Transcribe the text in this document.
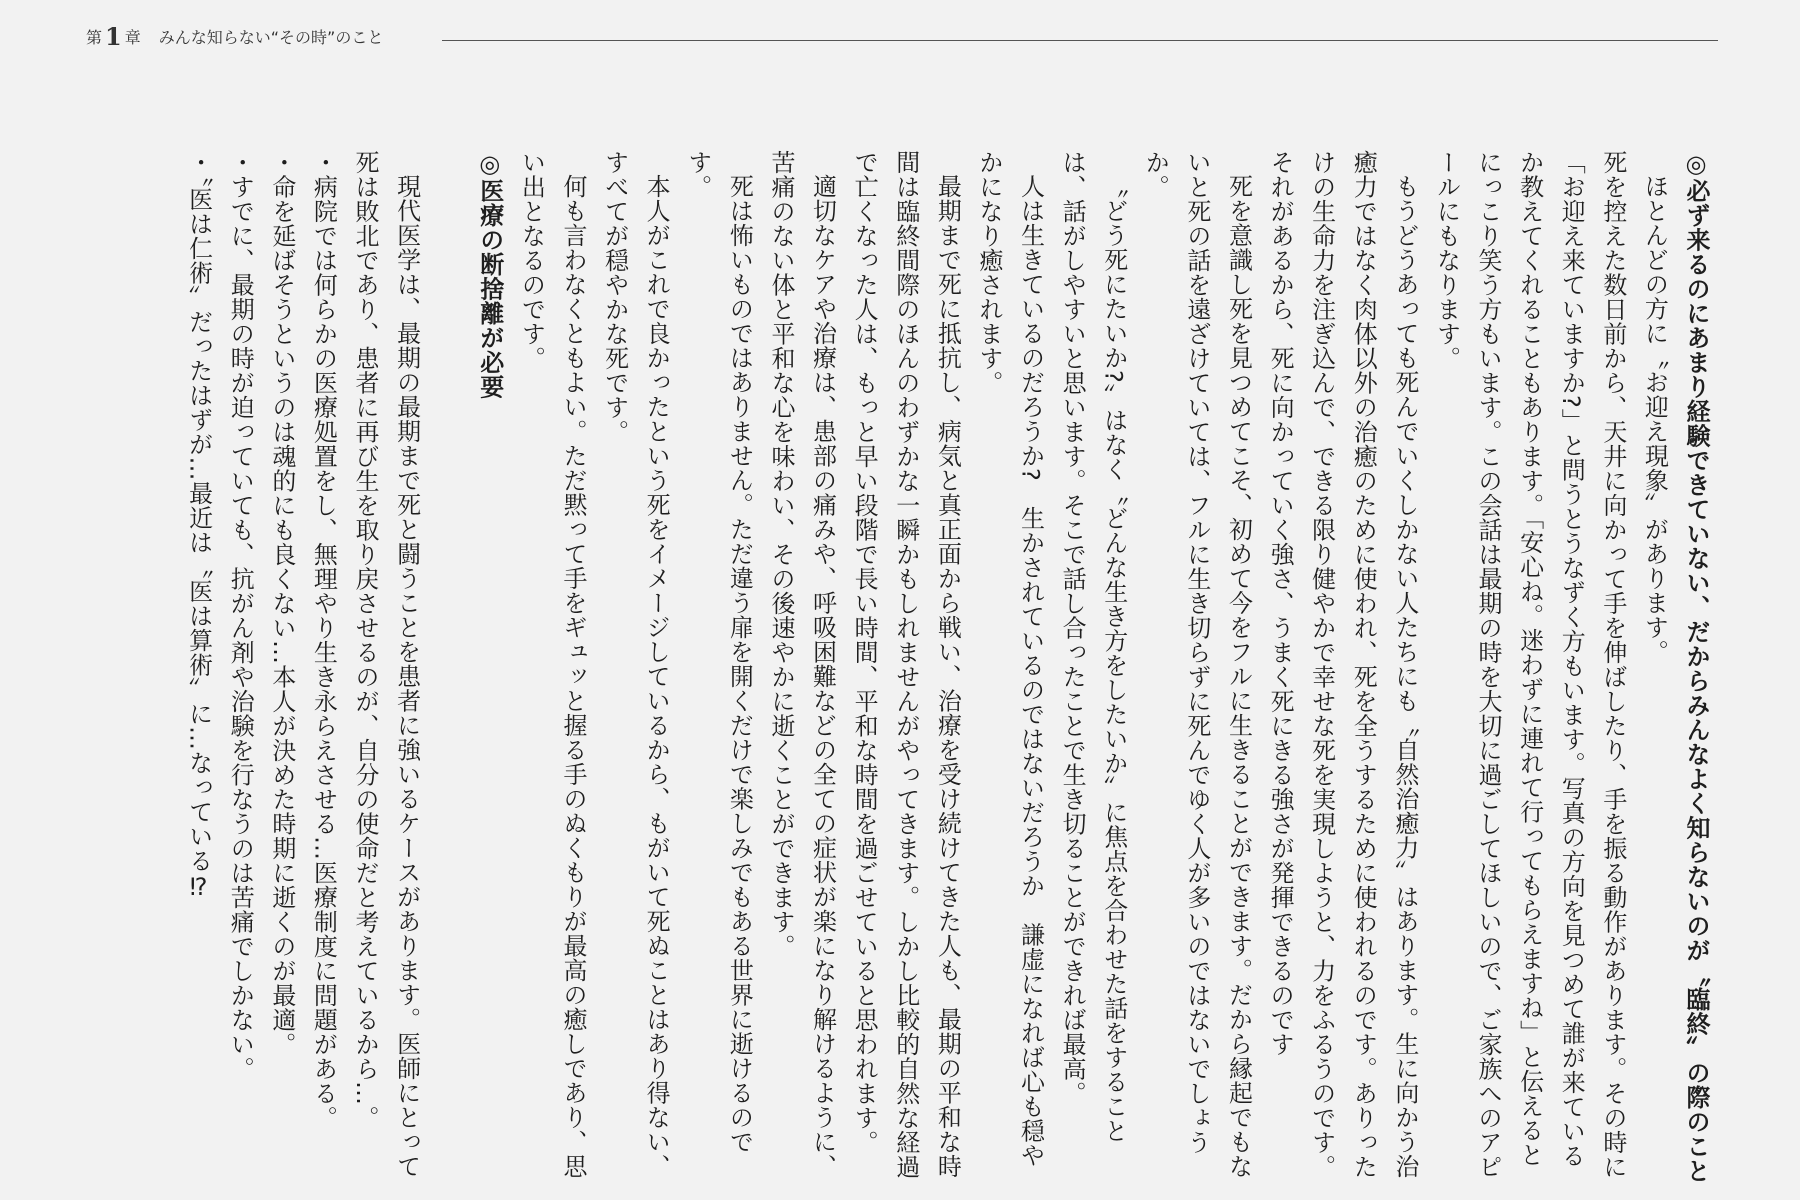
第 1 章 みんな知らない“その時”のこと

◎必ず来るのにあまり経験できていない、だからみんなよく知らないのが〝臨終〟の際のこと

ほとんどの方に〝お迎え現象〟があります。

死を控えた数日前から、天井に向かって手を伸ばしたり、手を振る動作があります。その時に「お迎え来ていますか?」と問うとうなずく方もいます。写真の方向を見つめて誰が来ているか教えてくれることもあります。「安心ね。迷わずに連れて行ってもらえますね」と伝えるとにっこり笑う方もいます。この会話は最期の時を大切に過ごしてほしいので、ご家族へのアピールにもなります。

もうどうあっても死んでいくしかない人たちにも〝自然治癒力〟はあります。生に向かう治癒力ではなく肉体以外の治癒のために使われ、死を全うするために使われるのです。ありったけの生命力を注ぎ込んで、できる限り健やかで幸せな死を実現しようと、力をふるうのです。それがあるから、死に向かっていく強さ、うまく死にきる強さが発揮できるのです

死を意識し死を見つめてこそ、初めて今をフルに生きることができます。だから縁起でもないと死の話を遠ざけていては、フルに生き切らずに死んでゆく人が多いのではないでしょうか。

〝どう死にたいか?〟はなく〝どんな生き方をしたいか〟に焦点を合わせた話をすることは、話がしやすいと思います。そこで話し合ったことで生き切ることができれば最高。

人は生きているのだろうか?　生かされているのではないだろうか　謙虚になれば心も穏やかになり癒されます。

最期まで死に抵抗し、病気と真正面から戦い、治療を受け続けてきた人も、最期の平和な時間は臨終間際のほんのわずかな一瞬かもしれませんがやってきます。しかし比較的自然な経過で亡くなった人は、もっと早い段階で長い時間、平和な時間を過ごせていると思われます。

適切なケアや治療は、患部の痛みや、呼吸困難などの全ての症状が楽になり解けるように、苦痛のない体と平和な心を味わい、その後速やかに逝くことができます。

死は怖いものではありません。ただ違う扉を開くだけで楽しみでもある世界に逝けるのです。

本人がこれで良かったという死をイメージしているから、もがいて死ぬことはあり得ない、すべてが穏やかな死です。

何も言わなくともよい。ただ黙って手をギュッと握る手のぬくもりが最高の癒しであり、思い出となるのです。

◎医療の断捨離が必要

現代医学は、最期の最期まで死と闘うことを患者に強いるケースがあります。医師にとって死は敗北であり、患者に再び生を取り戻させるのが、自分の使命だと考えているから…。

・病院では何らかの医療処置をし、無理やり生き永らえさせる…医療制度に問題がある。

・命を延ばそうというのは魂的にも良くない…本人が決めた時期に逝くのが最適。

・すでに、最期の時が迫っていても、抗がん剤や治験を行なうのは苦痛でしかない。

・〝医は仁術〟だったはずが…最近は〝医は算術〟に…なっている⁉
